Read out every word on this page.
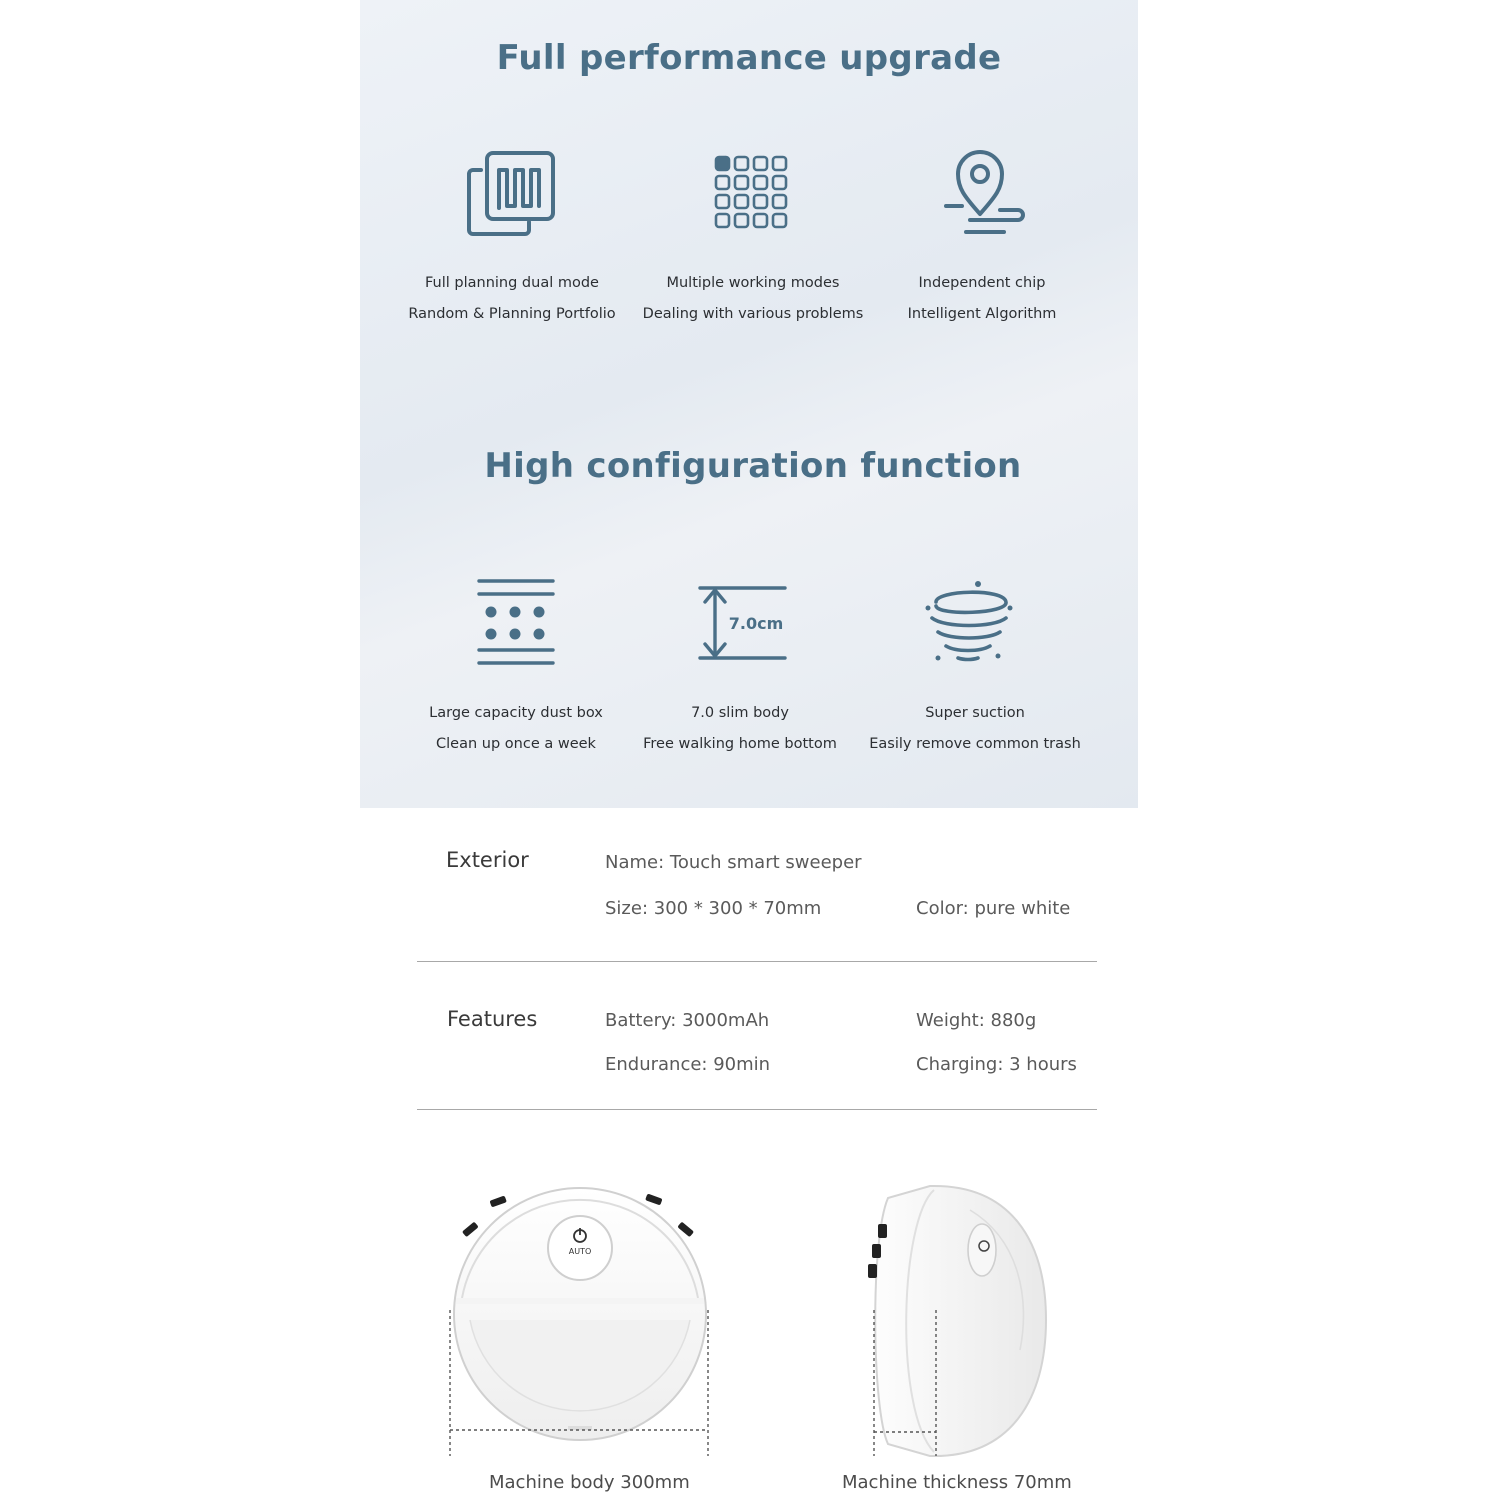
Full performance upgrade
Full planning dual mode
Random & Planning Portfolio
Multiple working modes
Dealing with various problems
Independent chip
Intelligent Algorithm
High configuration function
7.0cm
Large capacity dust box
Clean up once a week
7.0 slim body
Free walking home bottom
Super suction
Easily remove common trash
Exterior	Name: Touch smart sweeper
Size: 300 * 300 * 70mm	Color: pure white
Features	Battery: 3000mAh	Weight: 880g
Endurance: 90min	Charging: 3 hours
AUTO
Machine body 300mm	Machine thickness 70mm
